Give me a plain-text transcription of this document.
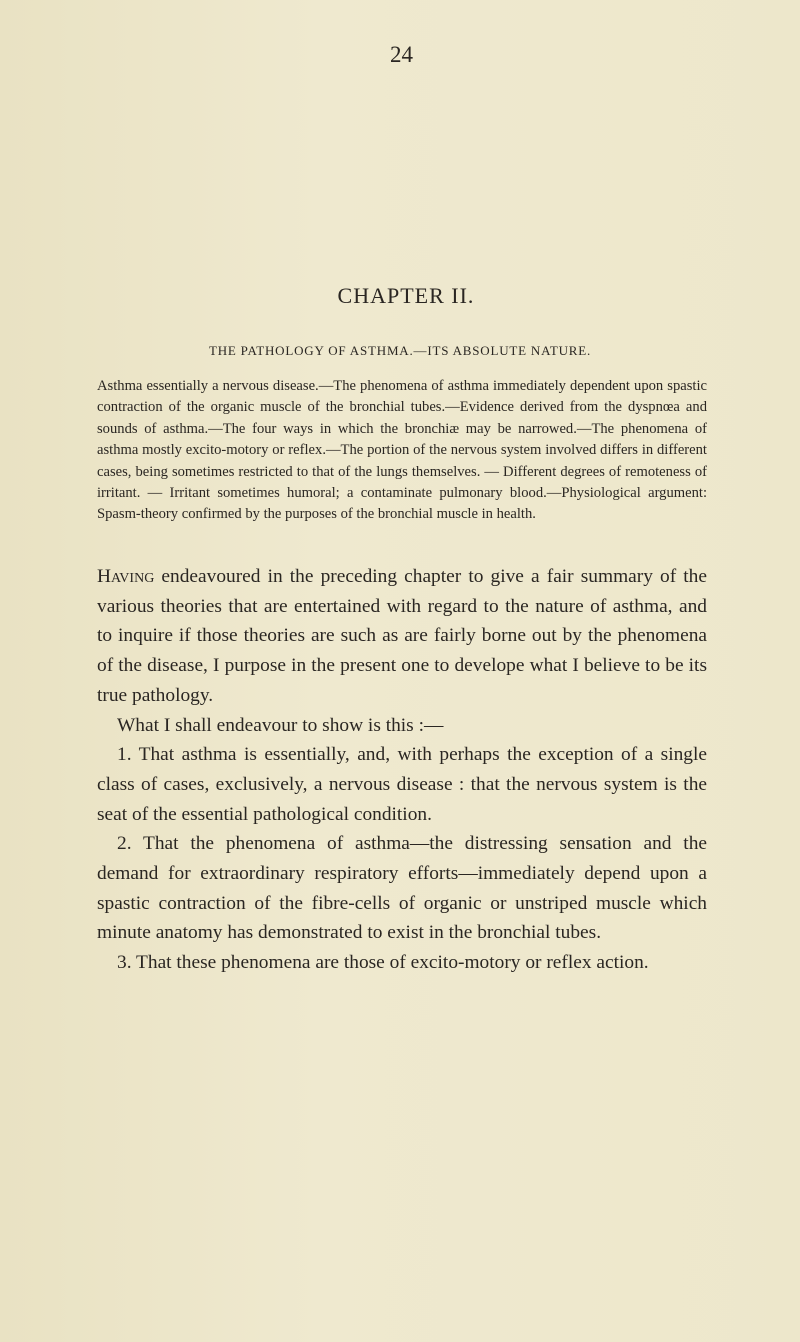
24
CHAPTER II.
THE PATHOLOGY OF ASTHMA.—ITS ABSOLUTE NATURE.
Asthma essentially a nervous disease.—The phenomena of asthma immediately dependent upon spastic contraction of the organic muscle of the bronchial tubes.—Evidence derived from the dyspnœa and sounds of asthma.—The four ways in which the bronchiæ may be narrowed.—The phenomena of asthma mostly excito-motory or reflex.—The portion of the nervous system involved differs in different cases, being sometimes restricted to that of the lungs themselves. — Different degrees of remoteness of irritant. — Irritant sometimes humoral; a contaminate pulmonary blood.—Physiological argument: Spasm-theory confirmed by the purposes of the bronchial muscle in health.

Having endeavoured in the preceding chapter to give a fair summary of the various theories that are entertained with regard to the nature of asthma, and to inquire if those theories are such as are fairly borne out by the phenomena of the disease, I purpose in the present one to develope what I believe to be its true pathology.

What I shall endeavour to show is this :—

1. That asthma is essentially, and, with perhaps the exception of a single class of cases, exclusively, a nervous disease : that the nervous system is the seat of the essential pathological condition.

2. That the phenomena of asthma—the distressing sensation and the demand for extraordinary respiratory efforts—immediately depend upon a spastic contraction of the fibre-cells of organic or unstriped muscle which minute anatomy has demonstrated to exist in the bronchial tubes.

3. That these phenomena are those of excito-motory or reflex action.
